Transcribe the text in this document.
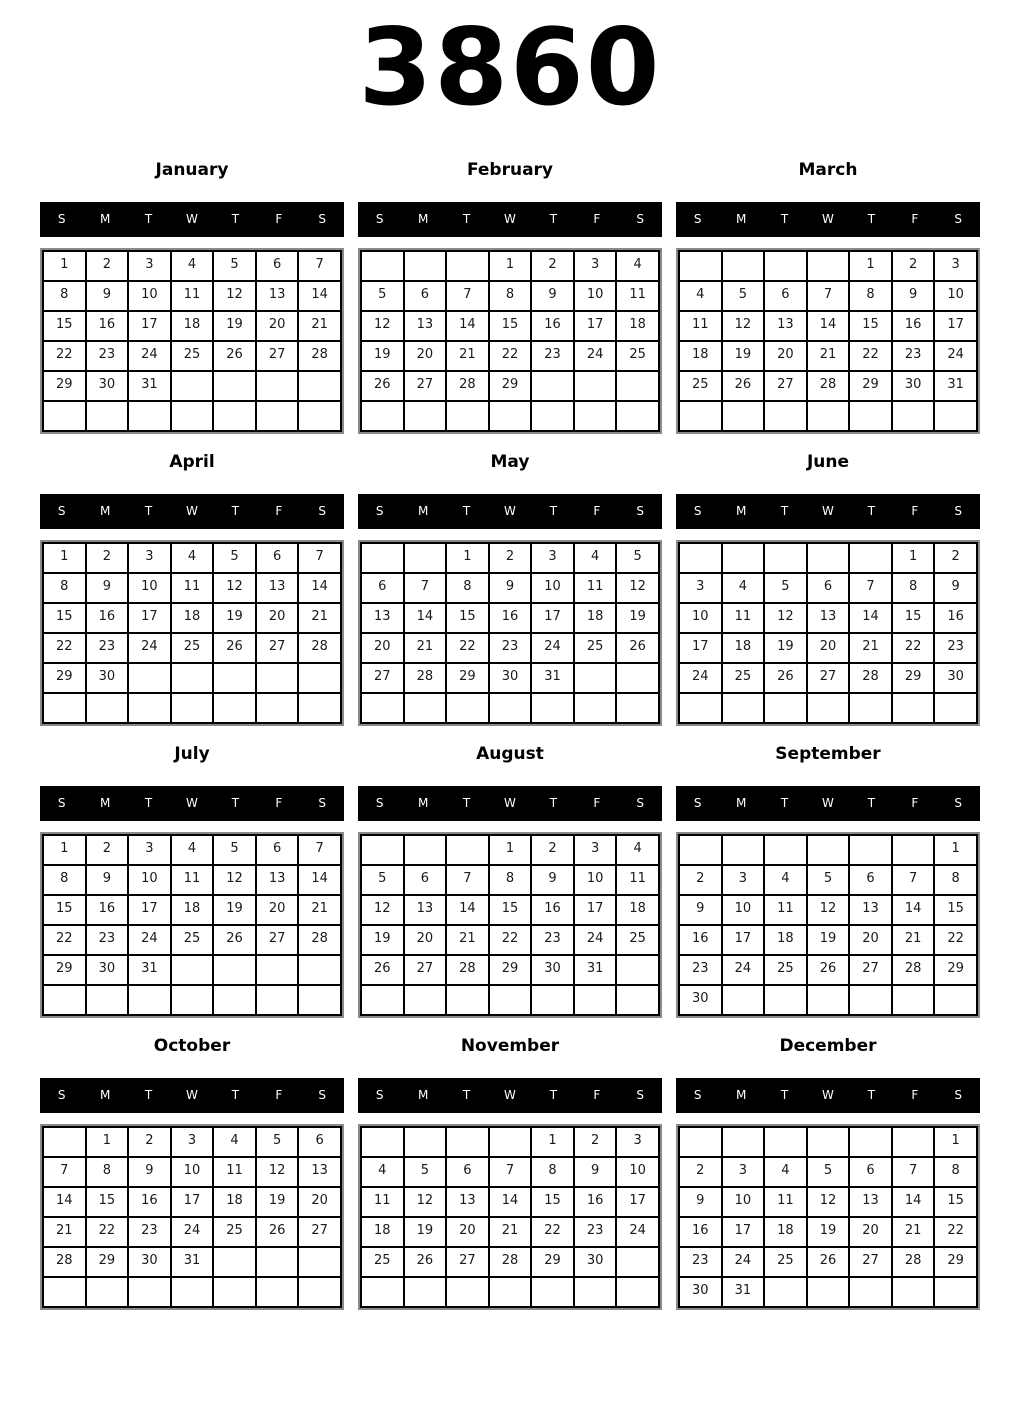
3860
January
S	M	T	W	T	F	S
1	2	3	4	5	6	7
8	9	10	11	12	13	14
15	16	17	18	19	20	21
22	23	24	25	26	27	28
29	30	31				

February
S	M	T	W	T	F	S
			1	2	3	4
5	6	7	8	9	10	11
12	13	14	15	16	17	18
19	20	21	22	23	24	25
26	27	28	29			

March
S	M	T	W	T	F	S
				1	2	3
4	5	6	7	8	9	10
11	12	13	14	15	16	17
18	19	20	21	22	23	24
25	26	27	28	29	30	31

April
S	M	T	W	T	F	S
1	2	3	4	5	6	7
8	9	10	11	12	13	14
15	16	17	18	19	20	21
22	23	24	25	26	27	28
29	30					

May
S	M	T	W	T	F	S
		1	2	3	4	5
6	7	8	9	10	11	12
13	14	15	16	17	18	19
20	21	22	23	24	25	26
27	28	29	30	31		

June
S	M	T	W	T	F	S
					1	2
3	4	5	6	7	8	9
10	11	12	13	14	15	16
17	18	19	20	21	22	23
24	25	26	27	28	29	30

July
S	M	T	W	T	F	S
1	2	3	4	5	6	7
8	9	10	11	12	13	14
15	16	17	18	19	20	21
22	23	24	25	26	27	28
29	30	31				

August
S	M	T	W	T	F	S
			1	2	3	4
5	6	7	8	9	10	11
12	13	14	15	16	17	18
19	20	21	22	23	24	25
26	27	28	29	30	31	

September
S	M	T	W	T	F	S
						1
2	3	4	5	6	7	8
9	10	11	12	13	14	15
16	17	18	19	20	21	22
23	24	25	26	27	28	29
30						
October
S	M	T	W	T	F	S
	1	2	3	4	5	6
7	8	9	10	11	12	13
14	15	16	17	18	19	20
21	22	23	24	25	26	27
28	29	30	31			

November
S	M	T	W	T	F	S
				1	2	3
4	5	6	7	8	9	10
11	12	13	14	15	16	17
18	19	20	21	22	23	24
25	26	27	28	29	30	

December
S	M	T	W	T	F	S
						1
2	3	4	5	6	7	8
9	10	11	12	13	14	15
16	17	18	19	20	21	22
23	24	25	26	27	28	29
30	31					
